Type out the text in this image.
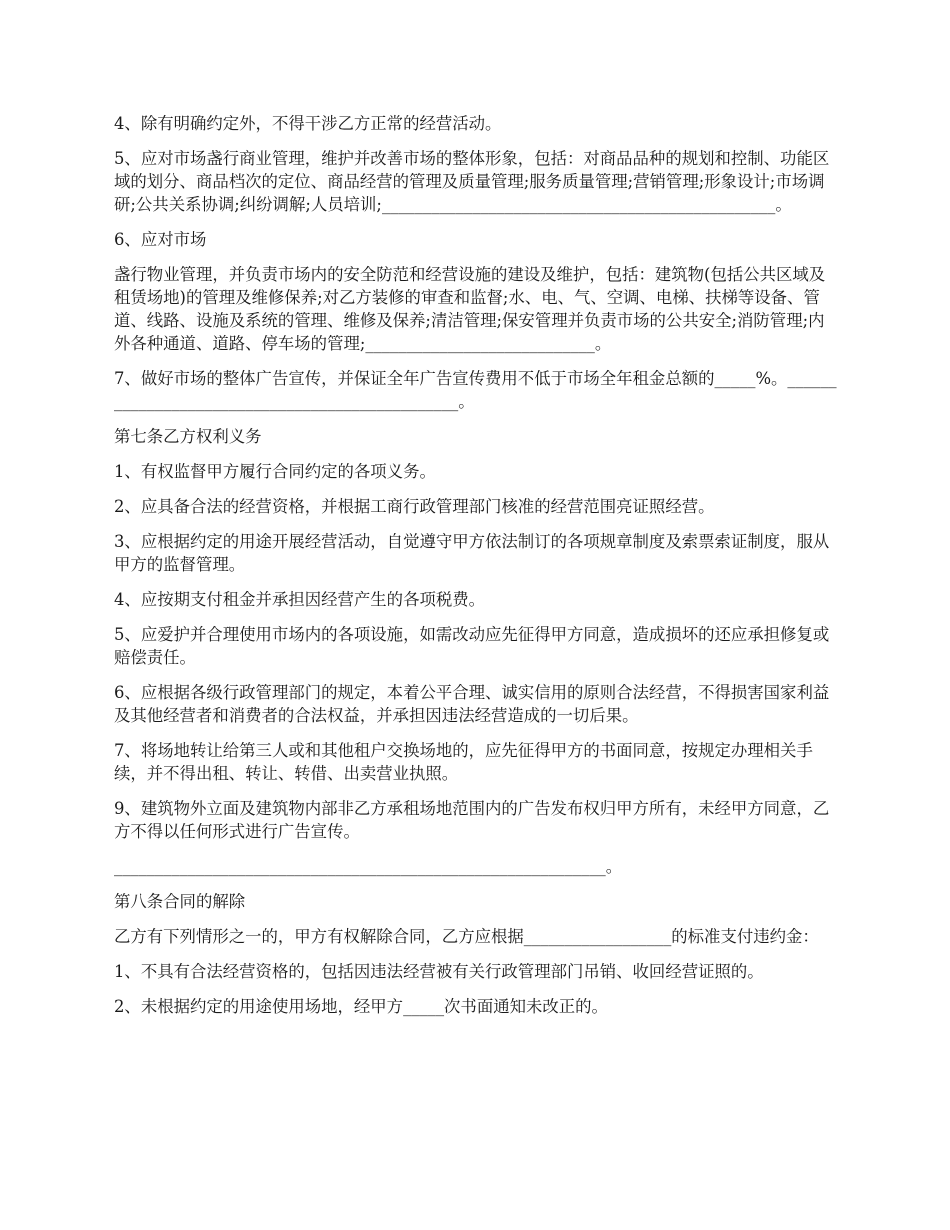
4、除有明确约定外，不得干涉乙方正常的经营活动。

5、应对市场盏行商业管理，维护并改善市场的整体形象，包括：对商品品种的规划和控制、功能区域的划分、商品档次的定位、商品经营的管理及质量管理;服务质量管理;营销管理;形象设计;市场调研;公共关系协调;纠纷调解;人员培训;________________________________________________。

6、应对市场

盏行物业管理，并负责市场内的安全防范和经营设施的建设及维护，包括：建筑物(包括公共区域及租赁场地)的管理及维修保养;对乙方装修的审查和监督;水、电、气、空调、电梯、扶梯等设备、管道、线路、设施及系统的管理、维修及保养;清洁管理;保安管理并负责市场的公共安全;消防管理;内外各种通道、道路、停车场的管理;____________________________。

7、做好市场的整体广告宣传，并保证全年广告宣传费用不低于市场全年租金总额的_____%。________________________________________________。

第七条乙方权利义务

1、有权监督甲方履行合同约定的各项义务。

2、应具备合法的经营资格，并根据工商行政管理部门核准的经营范围亮证照经营。

3、应根据约定的用途开展经营活动，自觉遵守甲方依法制订的各项规章制度及索票索证制度，服从甲方的监督管理。

4、应按期支付租金并承担因经营产生的各项税费。

5、应爱护并合理使用市场内的各项设施，如需改动应先征得甲方同意，造成损坏的还应承担修复或赔偿责任。

6、应根据各级行政管理部门的规定，本着公平合理、诚实信用的原则合法经营，不得损害国家利益及其他经营者和消费者的合法权益，并承担因违法经营造成的一切后果。

7、将场地转让给第三人或和其他租户交换场地的，应先征得甲方的书面同意，按规定办理相关手续，并不得出租、转让、转借、出卖营业执照。

9、建筑物外立面及建筑物内部非乙方承租场地范围内的广告发布权归甲方所有，未经甲方同意，乙方不得以任何形式进行广告宣传。

____________________________________________________________。

第八条合同的解除

乙方有下列情形之一的，甲方有权解除合同，乙方应根据__________________的标准支付违约金：

1、不具有合法经营资格的，包括因违法经营被有关行政管理部门吊销、收回经营证照的。

2、未根据约定的用途使用场地，经甲方_____次书面通知未改正的。
